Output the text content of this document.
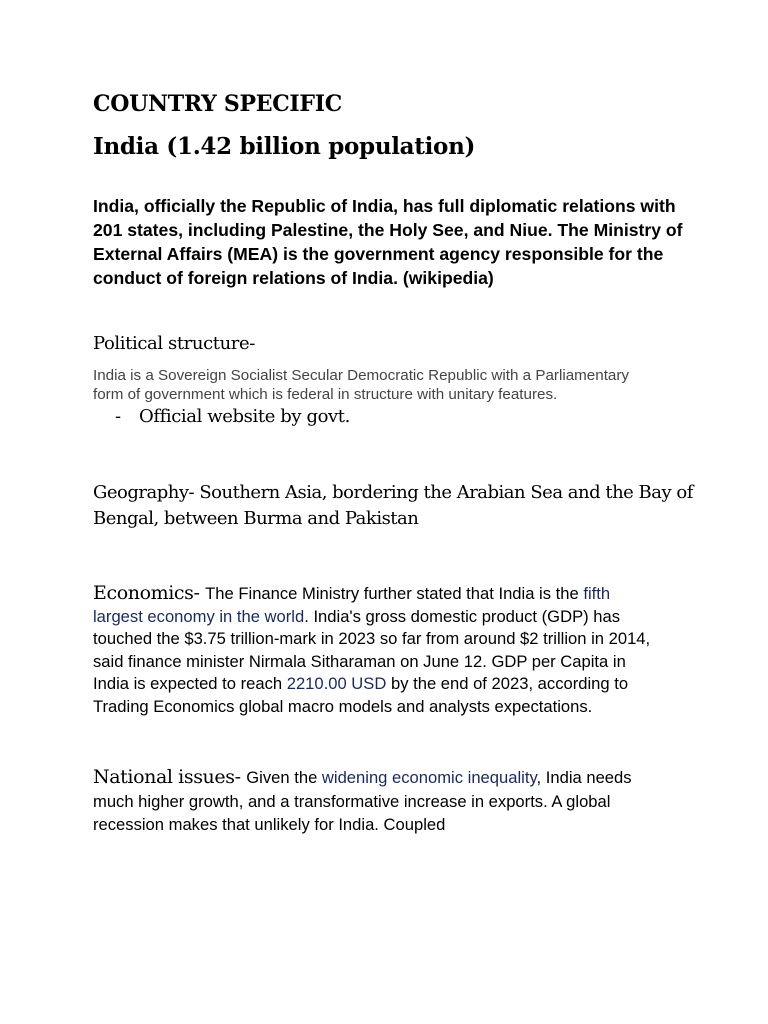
COUNTRY SPECIFIC
India (1.42 billion population)

India, officially the Republic of India, has full diplomatic relations with 201 states, including Palestine, the Holy See, and Niue. The Ministry of External Affairs (MEA) is the government agency responsible for the conduct of foreign relations of India. (wikipedia)

Political structure-

India is a Sovereign Socialist Secular Democratic Republic with a Parliamentary form of government which is federal in structure with unitary features.

-	Official website by govt.

Geography- Southern Asia, bordering the Arabian Sea and the Bay of Bengal, between Burma and Pakistan

Economics- The Finance Ministry further stated that India is the fifth largest economy in the world. India's gross domestic product (GDP) has touched the $3.75 trillion-mark in 2023 so far from around $2 trillion in 2014, said finance minister Nirmala Sitharaman on June 12. GDP per Capita in India is expected to reach 2210.00 USD by the end of 2023, according to Trading Economics global macro models and analysts expectations.

National issues- Given the widening economic inequality, India needs much higher growth, and a transformative increase in exports. A global recession makes that unlikely for India. Coupled
